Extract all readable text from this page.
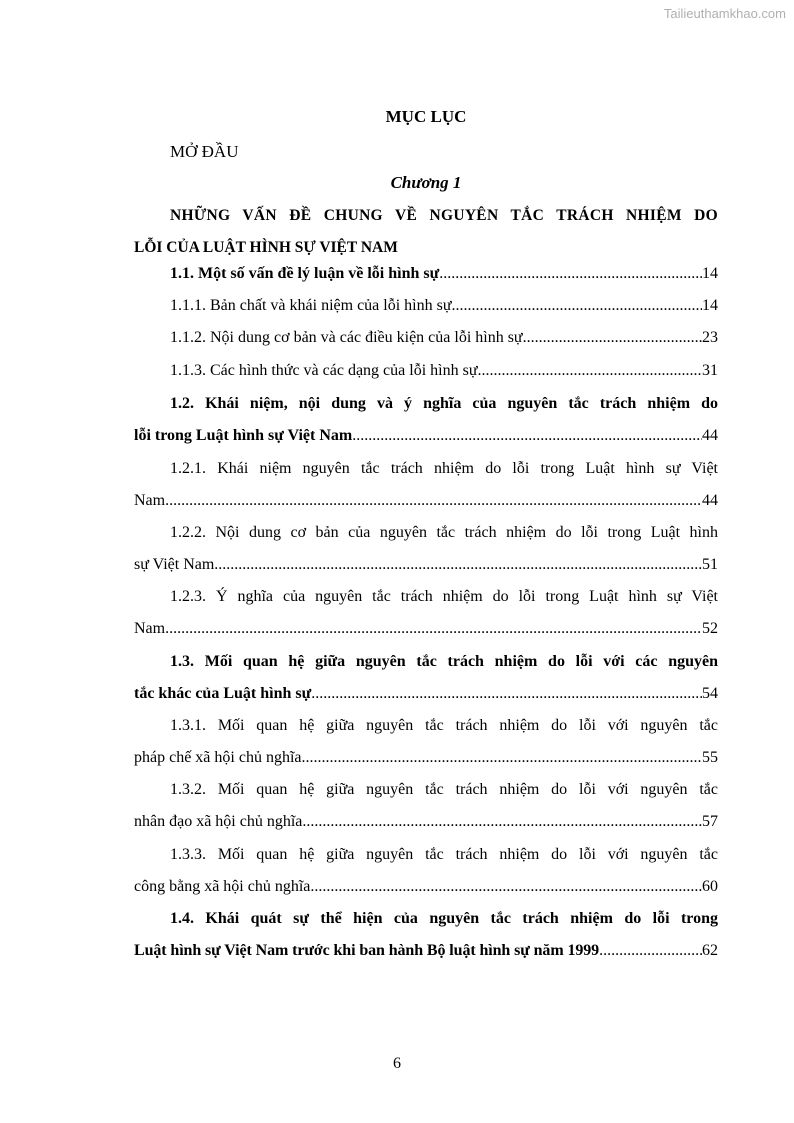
Tailieuthamkhao.com
MỤC LỤC
MỞ ĐẦU
Chương 1
NHỮNG VẤN ĐỀ CHUNG VỀ NGUYÊN TẮC TRÁCH NHIỆM DO
LỖI CỦA LUẬT HÌNH SỰ VIỆT NAM
1.1. Một số vấn đề lý luận về lỗi hình sự .....	14
1.1.1. Bản chất và khái niệm của lỗi hình sự .....	14
1.1.2. Nội dung cơ bản và các điều kiện của lỗi hình sự .....	23
1.1.3. Các hình thức và các dạng của lỗi hình sự .....	31
1.2. Khái niệm, nội dung và ý nghĩa của nguyên tắc trách nhiệm do
lỗi trong Luật hình sự Việt Nam .....	44
1.2.1. Khái niệm nguyên tắc trách nhiệm do lỗi trong Luật hình sự Việt
Nam .....	44
1.2.2. Nội dung cơ bản của nguyên tắc trách nhiệm do lỗi trong Luật hình
sự Việt Nam .....	51
1.2.3. Ý nghĩa của nguyên tắc trách nhiệm do lỗi trong Luật hình sự Việt
Nam .....	52
1.3. Mối quan hệ giữa nguyên tắc trách nhiệm do lỗi với các nguyên
tắc khác của Luật hình sự .....	54
1.3.1. Mối quan hệ giữa nguyên tắc trách nhiệm do lỗi với nguyên tắc
pháp chế xã hội chủ nghĩa .....	55
1.3.2. Mối quan hệ giữa nguyên tắc trách nhiệm do lỗi với nguyên tắc
nhân đạo xã hội chủ nghĩa .....	57
1.3.3. Mối quan hệ giữa nguyên tắc trách nhiệm do lỗi với nguyên tắc
công bằng xã hội chủ nghĩa .....	60
1.4. Khái quát sự thể hiện của nguyên tắc trách nhiệm do lỗi trong
Luật hình sự Việt Nam trước khi ban hành Bộ luật hình sự năm 1999 .....	62
6
